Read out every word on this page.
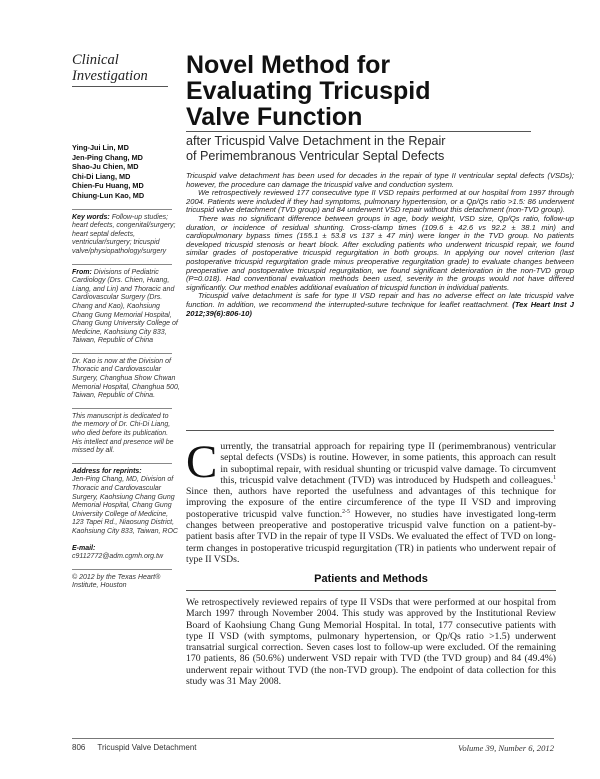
Clinical
Investigation	Novel Method for
Evaluating Tricuspid
Valve Function
after Tricuspid Valve Detachment in the Repair
of Perimembranous Ventricular Septal Defects
Ying-Jui Lin, MD
Jen-Ping Chang, MD
Shao-Ju Chien, MD
Chi-Di Liang, MD
Chien-Fu Huang, MD
Chiung-Lun Kao, MD
Key words: Follow-up studies; heart defects, congenital/surgery; heart septal defects, ventricular/surgery; tricuspid valve/physiopathology/surgery
From: Divisions of Pediatric Cardiology (Drs. Chien, Huang, Liang, and Lin) and Thoracic and Cardiovascular Surgery (Drs. Chang and Kao), Kaohsiung Chang Gung Memorial Hospital, Chang Gung University College of Medicine, Kaohsiung City 833, Taiwan, Republic of China
Dr. Kao is now at the Division of Thoracic and Cardiovascular Surgery, Changhua Show Chwan Memorial Hospital, Changhua 500, Taiwan, Republic of China.
This manuscript is dedicated to the memory of Dr. Chi-Di Liang, who died before its publication. His intellect and presence will be missed by all.
Address for reprints:
Jen-Ping Chang, MD, Division of Thoracic and Cardiovascular Surgery, Kaohsiung Chang Gung Memorial Hospital, Chang Gung University College of Medicine, 123 Tapei Rd., Niaosung District, Kaohsiung City 833, Taiwan, ROC
E-mail:
c9112772@adm.cgmh.org.tw
© 2012 by the Texas Heart® Institute, Houston

Tricuspid valve detachment has been used for decades in the repair of type II ventricular septal defects (VSDs); however, the procedure can damage the tricuspid valve and conduction system.

We retrospectively reviewed 177 consecutive type II VSD repairs performed at our hospital from 1997 through 2004. Patients were included if they had symptoms, pulmonary hypertension, or a Qp/Qs ratio >1.5: 86 underwent tricuspid valve detachment (TVD group) and 84 underwent VSD repair without this detachment (non-TVD group).

There was no significant difference between groups in age, body weight, VSD size, Qp/Qs ratio, follow-up duration, or incidence of residual shunting. Cross-clamp times (109.6 ± 42.6 vs 92.2 ± 38.1 min) and cardiopulmonary bypass times (155.1 ± 53.8 vs 137 ± 47 min) were longer in the TVD group. No patients developed tricuspid stenosis or heart block. After excluding patients who underwent tricuspid repair, we found similar grades of postoperative tricuspid regurgitation in both groups. In applying our novel criterion (last postoperative tricuspid regurgitation grade minus preoperative regurgitation grade) to evaluate changes between preoperative and postoperative tricuspid regurgitation, we found significant deterioration in the non-TVD group (P=0.018). Had conventional evaluation methods been used, severity in the groups would not have differed significantly. Our method enables additional evaluation of tricuspid function in individual patients.

Tricuspid valve detachment is safe for type II VSD repair and has no adverse effect on late tricuspid valve function. In addition, we recommend the interrupted-suture technique for leaflet reattachment. (Tex Heart Inst J 2012;39(6):806-10)

Currently, the transatrial approach for repairing type II (perimembranous) ventricular septal defects (VSDs) is routine. However, in some patients, this approach can result in suboptimal repair, with residual shunting or tricuspid valve damage. To circumvent this, tricuspid valve detachment (TVD) was introduced by Hudspeth and colleagues.$^1$ Since then, authors have reported the usefulness and advantages of this technique for improving the exposure of the entire circumference of the type II VSD and improving postoperative tricuspid valve function.$^{2-5}$ However, no studies have investigated long-term changes between preoperative and postoperative tricuspid valve function on a patient-by-patient basis after TVD in the repair of type II VSDs. We evaluated the effect of TVD on long-term changes in postoperative tricuspid regurgitation (TR) in patients who underwent repair of type II VSDs.
Patients and Methods

We retrospectively reviewed repairs of type II VSDs that were performed at our hospital from March 1997 through November 2004. This study was approved by the Institutional Review Board of Kaohsiung Chang Gung Memorial Hospital. In total, 177 consecutive patients with type II VSD (with symptoms, pulmonary hypertension, or Qp/Qs ratio >1.5) underwent transatrial surgical correction. Seven cases lost to follow-up were excluded. Of the remaining 170 patients, 86 (50.6%) underwent VSD repair with TVD (the TVD group) and 84 (49.4%) underwent repair without TVD (the non-TVD group). The endpoint of data collection for this study was 31 May 2008.

806 Tricuspid Valve Detachment	Volume 39, Number 6, 2012
